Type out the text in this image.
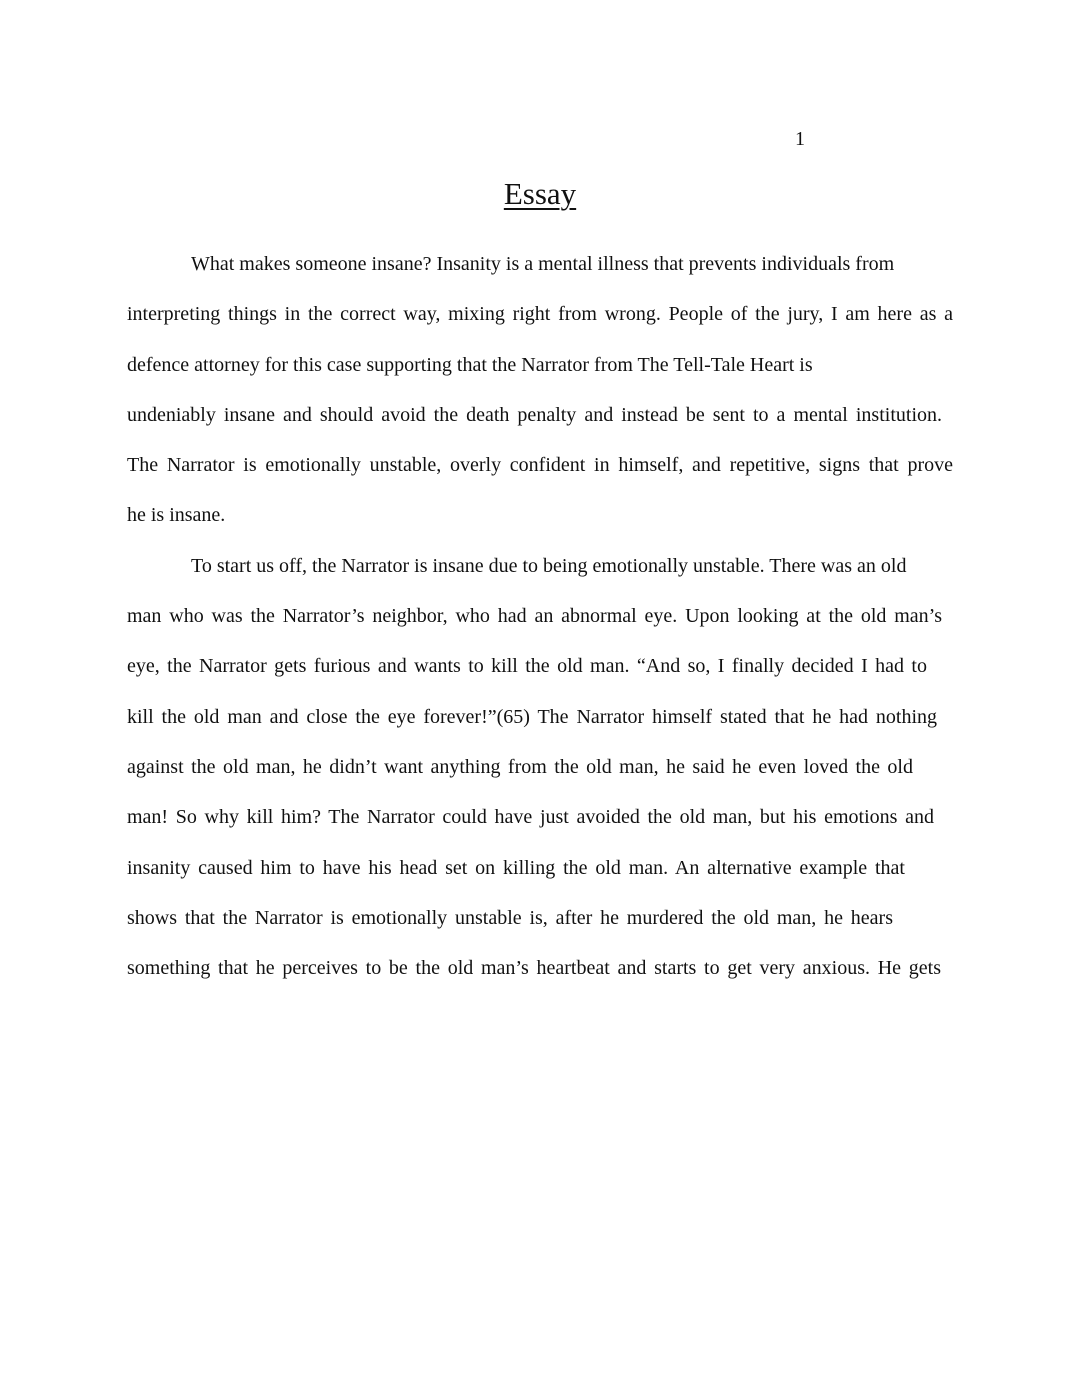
1
Essay
What makes someone insane? Insanity is a mental illness that prevents individuals from
interpreting things in the correct way, mixing right from wrong. People of the jury, I am here as a
defence attorney for this case supporting that the Narrator from The Tell-Tale Heart is
undeniably insane and should avoid the death penalty and instead be sent to a mental institution.
The Narrator is emotionally unstable, overly confident in himself, and repetitive, signs that prove
he is insane.
To start us off, the Narrator is insane due to being emotionally unstable. There was an old
man who was the Narrator’s neighbor, who had an abnormal eye. Upon looking at the old man’s
eye, the Narrator gets furious and wants to kill the old man. “And so, I finally decided I had to
kill the old man and close the eye forever!”(65) The Narrator himself stated that he had nothing
against the old man, he didn’t want anything from the old man, he said he even loved the old
man! So why kill him? The Narrator could have just avoided the old man, but his emotions and
insanity caused him to have his head set on killing the old man. An alternative example that
shows that the Narrator is emotionally unstable is, after he murdered the old man, he hears
something that he perceives to be the old man’s heartbeat and starts to get very anxious. He gets
